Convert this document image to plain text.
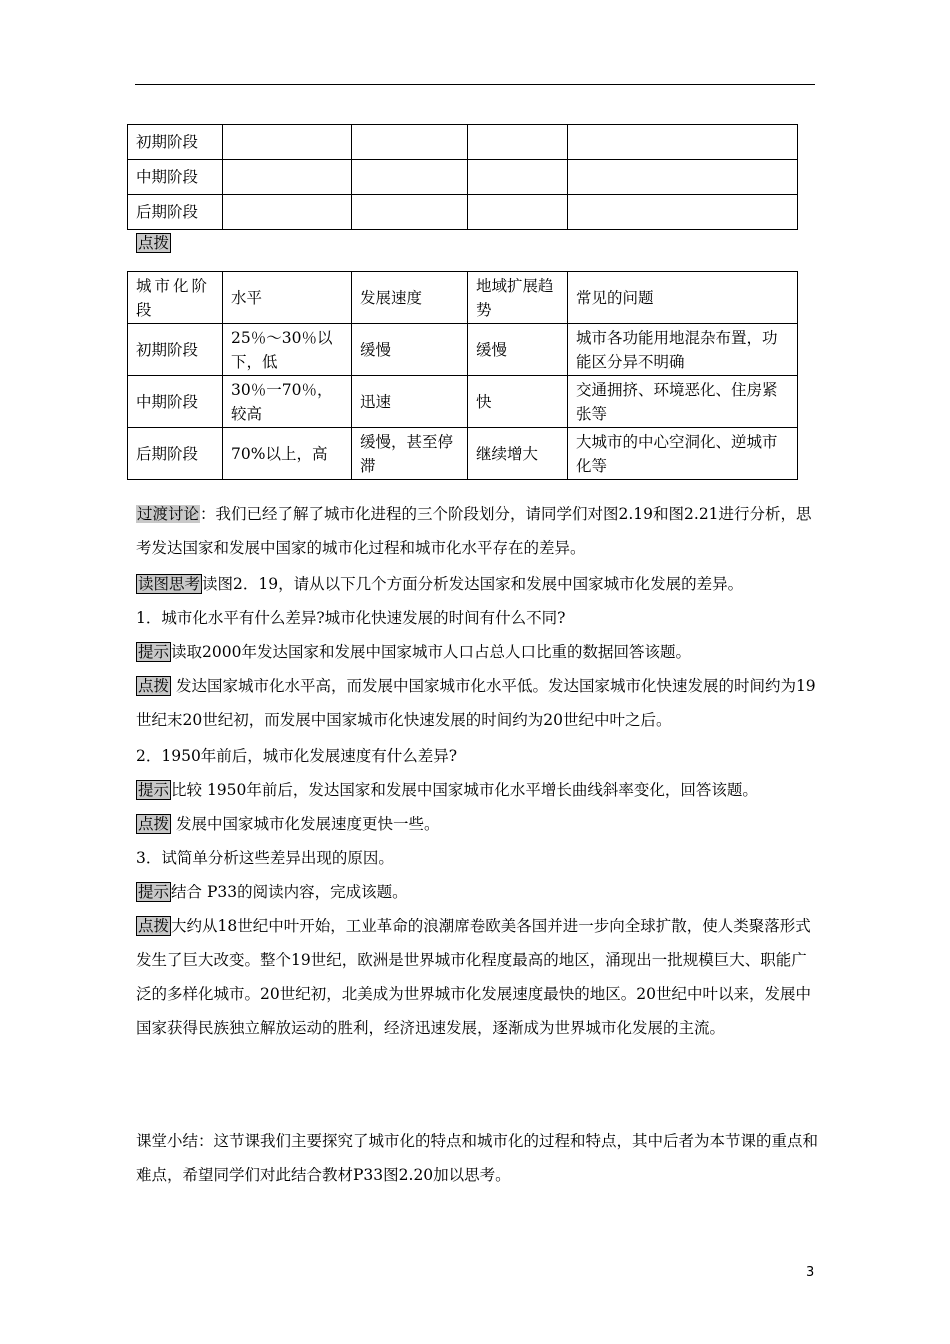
初期阶段				
中期阶段				
后期阶段				
点拨
城市化阶段	水平	发展速度	地域扩展趋势	常见的问题
初期阶段	25％～30％以下，低	缓慢	缓慢	城市各功能用地混杂布置，功能区分异不明确
中期阶段	30％一70％，较高	迅速	快	交通拥挤、环境恶化、住房紧张等
后期阶段	70%以上，高	缓慢，甚至停滞	继续增大	大城市的中心空洞化、逆城市化等

过渡讨论：我们已经了解了城市化进程的三个阶段划分，请同学们对图2.19和图2.21进行分析，思考发达国家和发展中国家的城市化过程和城市化水平存在的差异。

读图思考 读图2．19，请从以下几个方面分析发达国家和发展中国家城市化发展的差异。

1．城市化水平有什么差异?城市化快速发展的时间有什么不同?

提示 读取2000年发达国家和发展中国家城市人口占总人口比重的数据回答该题。

点拨 发达国家城市化水平高，而发展中国家城市化水平低。发达国家城市化快速发展的时间约为19世纪末20世纪初，而发展中国家城市化快速发展的时间约为20世纪中叶之后。

2．1950年前后，城市化发展速度有什么差异?

提示 比较 1950年前后，发达国家和发展中国家城市化水平增长曲线斜率变化，回答该题。

点拨 发展中国家城市化发展速度更快一些。

3．试简单分析这些差异出现的原因。

提示 结合 P33的阅读内容，完成该题。

点拨 大约从18世纪中叶开始，工业革命的浪潮席卷欧美各国并进一步向全球扩散，使人类聚落形式发生了巨大改变。整个19世纪，欧洲是世界城市化程度最高的地区，涌现出一批规模巨大、职能广泛的多样化城市。20世纪初，北美成为世界城市化发展速度最快的地区。20世纪中叶以来，发展中国家获得民族独立解放运动的胜利，经济迅速发展，逐渐成为世界城市化发展的主流。

课堂小结：这节课我们主要探究了城市化的特点和城市化的过程和特点，其中后者为本节课的重点和难点，希望同学们对此结合教材P33图2.20加以思考。

3
